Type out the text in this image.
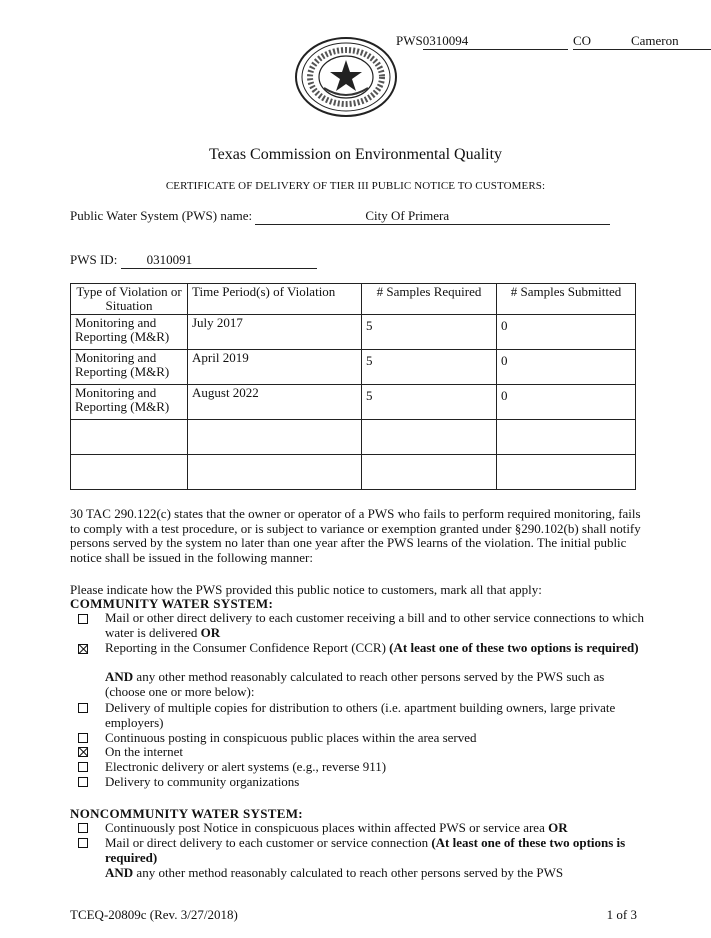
PWS0310094	CO	Cameron
Texas Commission on Environmental Quality
CERTIFICATE OF DELIVERY OF TIER III PUBLIC NOTICE TO CUSTOMERS:
Public Water System (PWS) name:	City Of Primera
PWS ID: 0310091
Type of Violation or Situation	Time Period(s) of Violation	# Samples Required	# Samples Submitted
Monitoring and Reporting (M&R)	July 2017	5	0
Monitoring and Reporting (M&R)	April 2019	5	0
Monitoring and Reporting (M&R)	August 2022	5	0

30 TAC 290.122(c) states that the owner or operator of a PWS who fails to perform required monitoring, fails to comply with a test procedure, or is subject to variance or exemption granted under §290.102(b) shall notify persons served by the system no later than one year after the PWS learns of the violation. The initial public notice shall be issued in the following manner:
Please indicate how the PWS provided this public notice to customers, mark all that apply:
COMMUNITY WATER SYSTEM:
Mail or other direct delivery to each customer receiving a bill and to other service connections to which water is delivered OR
Reporting in the Consumer Confidence Report (CCR) (At least one of these two options is required)
AND any other method reasonably calculated to reach other persons served by the PWS such as (choose one or more below):
Delivery of multiple copies for distribution to others (i.e. apartment building owners, large private employers)
Continuous posting in conspicuous public places within the area served
On the internet
Electronic delivery or alert systems (e.g., reverse 911)
Delivery to community organizations
NONCOMMUNITY WATER SYSTEM:
Continuously post Notice in conspicuous places within affected PWS or service area OR
Mail or direct delivery to each customer or service connection (At least one of these two options is required)
AND any other method reasonably calculated to reach other persons served by the PWS
TCEQ-20809c (Rev. 3/27/2018)	1 of 3
